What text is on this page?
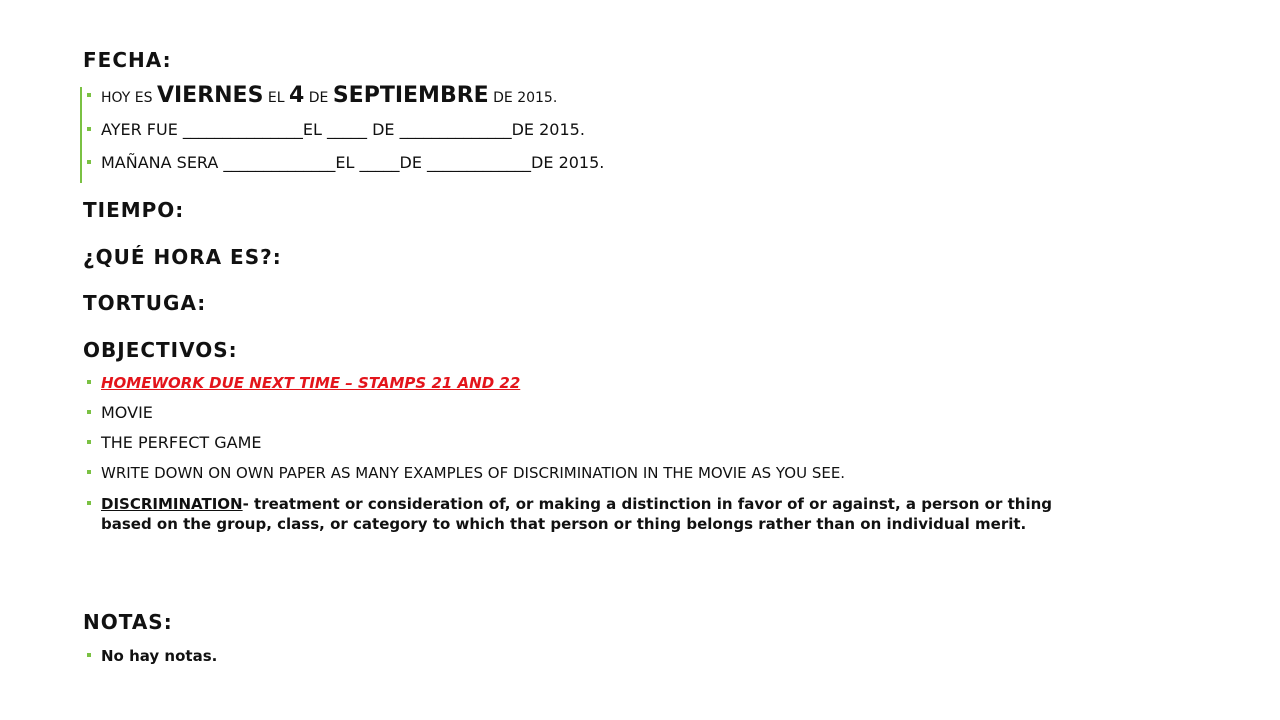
FECHA:
HOY ES VIERNES EL 4 DE SEPTIEMBRE DE 2015.
AYER FUE _______________EL _____ DE ______________DE 2015.
MAÑANA SERA ______________EL _____DE _____________DE 2015.
TIEMPO:
¿QUÉ HORA ES?:
TORTUGA:
OBJECTIVOS:
HOMEWORK DUE NEXT TIME – STAMPS 21 AND 22
MOVIE
THE PERFECT GAME
WRITE DOWN ON OWN PAPER AS MANY EXAMPLES OF DISCRIMINATION IN THE MOVIE AS YOU SEE.
DISCRIMINATION- treatment or consideration of, or making a distinction in favor of or against, a person or thing based on the group, class, or category to which that person or thing belongs rather than on individual merit.
NOTAS:
No hay notas.
